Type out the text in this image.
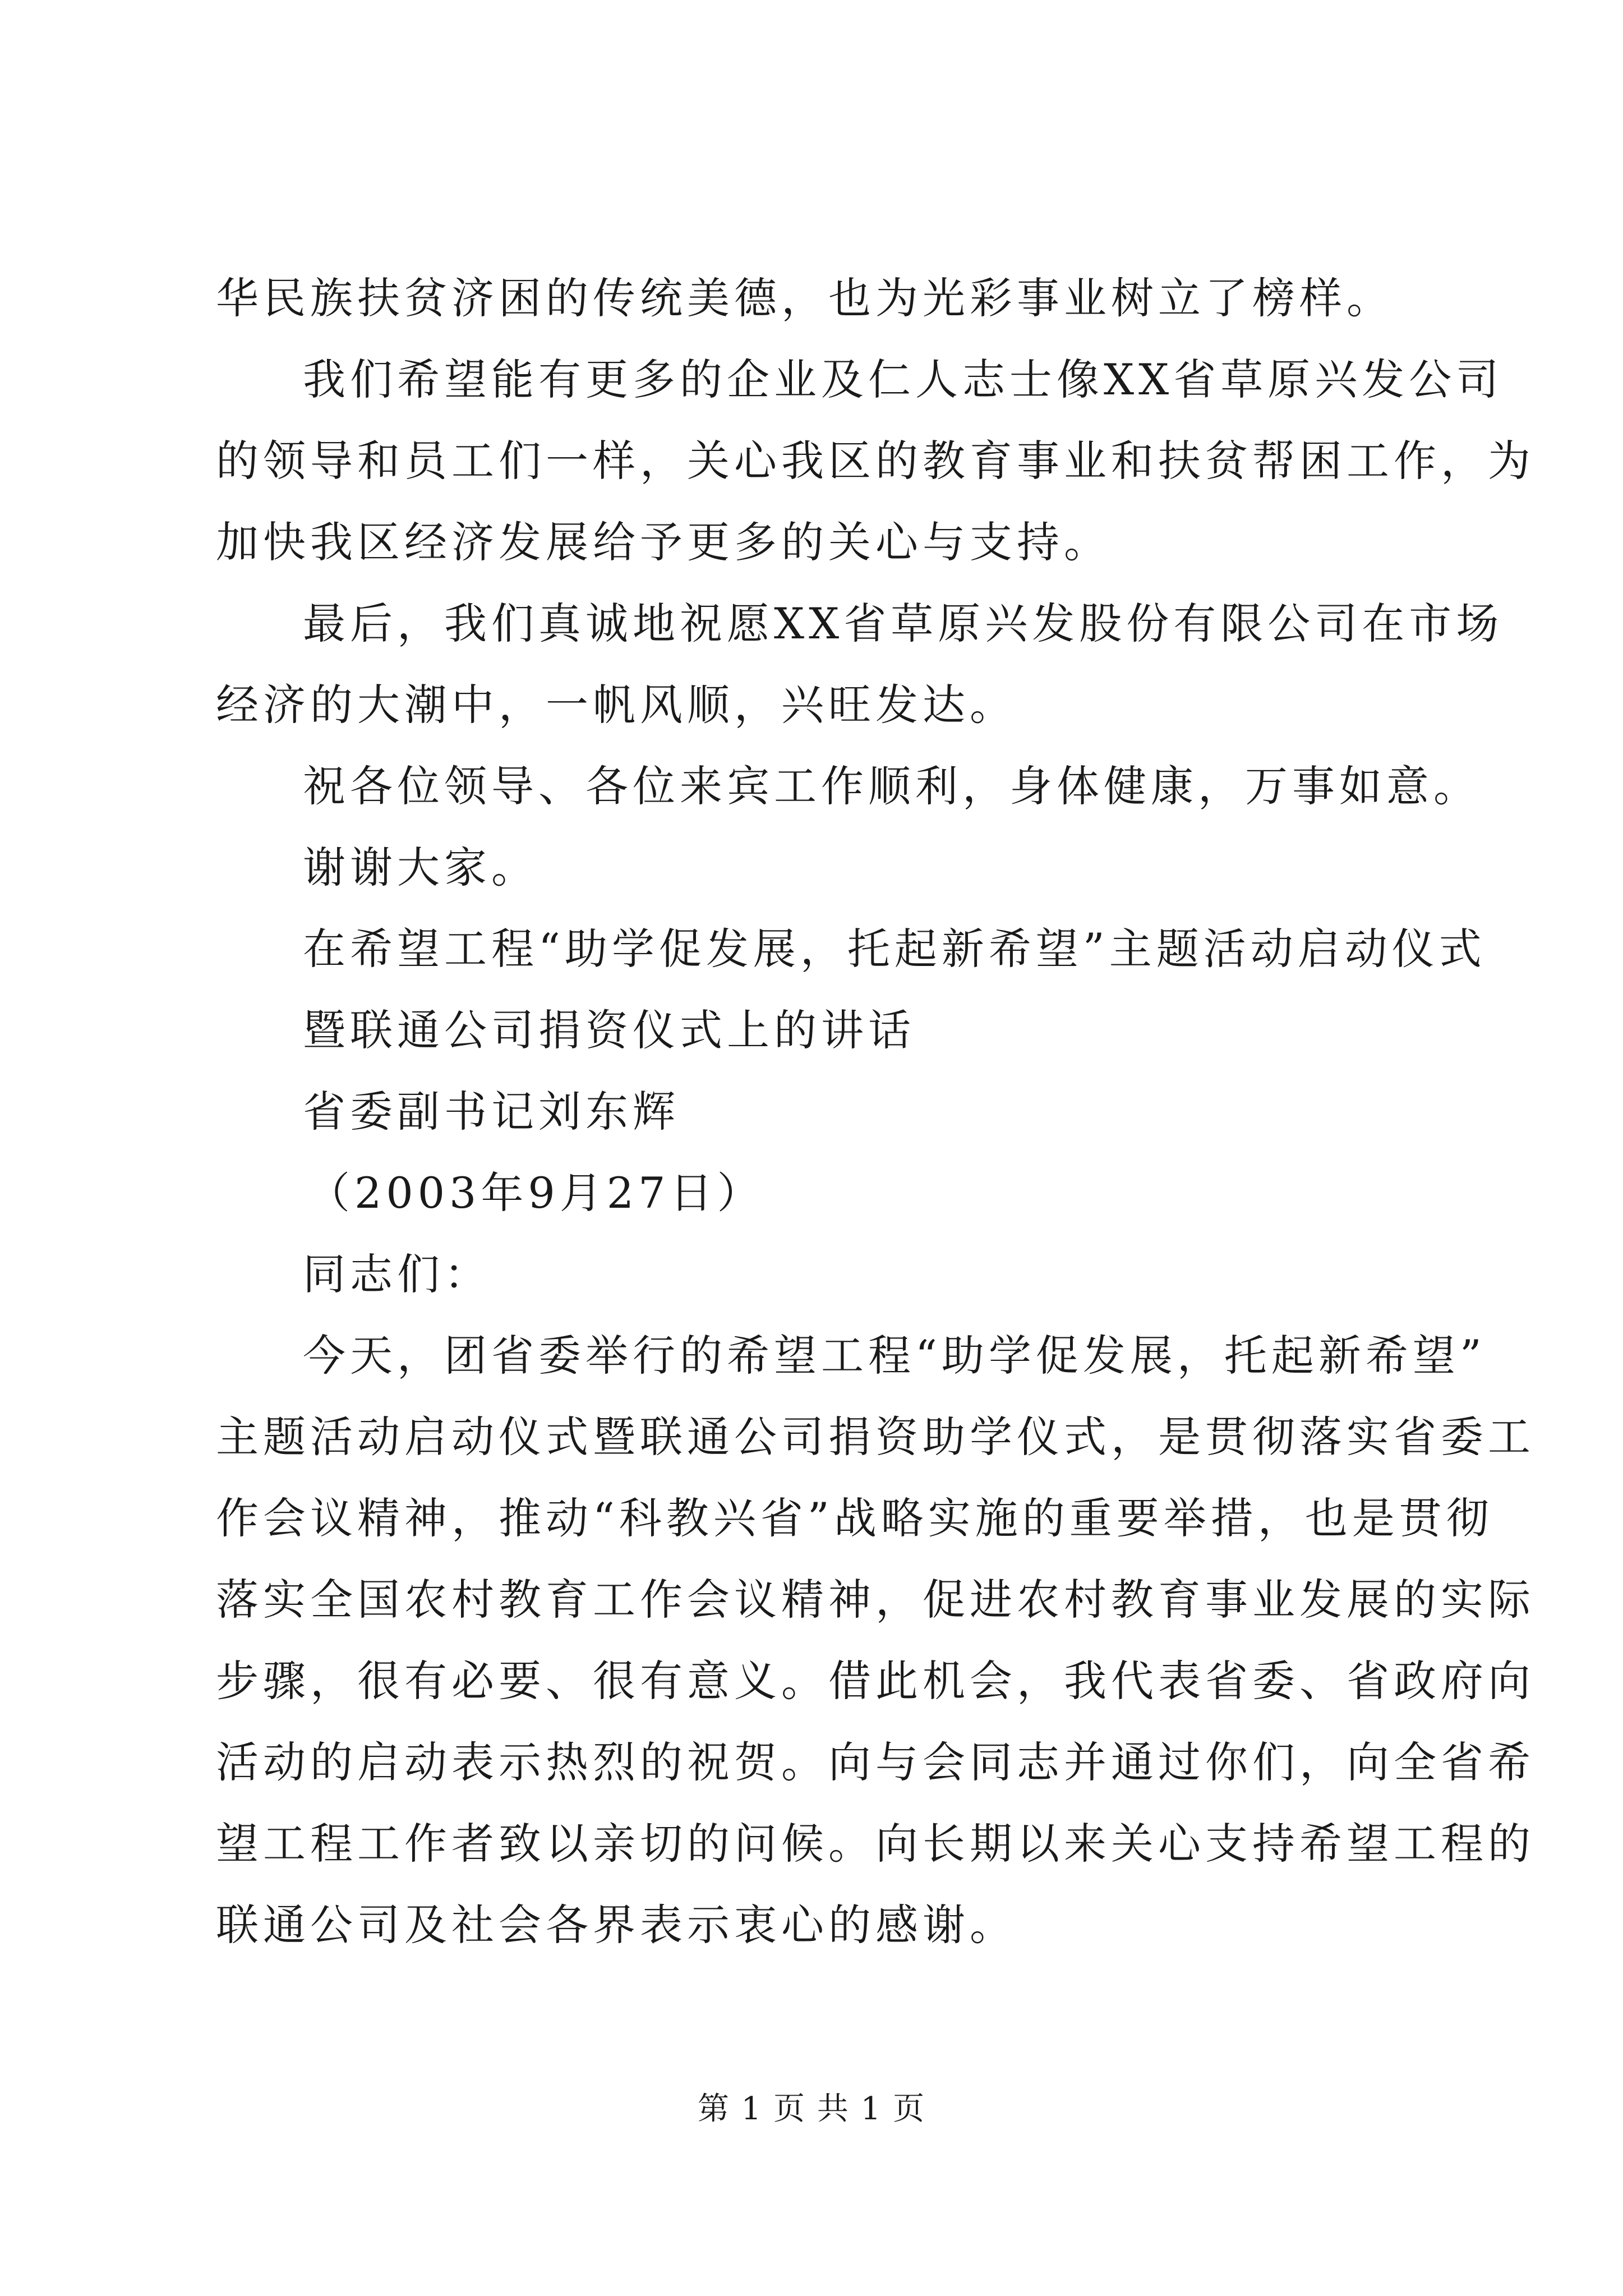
华民族扶贫济困的传统美德，也为光彩事业树立了榜样。
我们希望能有更多的企业及仁人志士像XX省草原兴发公司
的领导和员工们一样，关心我区的教育事业和扶贫帮困工作，为
加快我区经济发展给予更多的关心与支持。
最后，我们真诚地祝愿XX省草原兴发股份有限公司在市场
经济的大潮中，一帆风顺，兴旺发达。
祝各位领导、各位来宾工作顺利，身体健康，万事如意。
谢谢大家。
在希望工程“助学促发展，托起新希望”主题活动启动仪式
暨联通公司捐资仪式上的讲话
省委副书记刘东辉
（2003年9月27日）
同志们：
今天，团省委举行的希望工程“助学促发展，托起新希望”
主题活动启动仪式暨联通公司捐资助学仪式，是贯彻落实省委工
作会议精神，推动“科教兴省”战略实施的重要举措，也是贯彻
落实全国农村教育工作会议精神，促进农村教育事业发展的实际
步骤，很有必要、很有意义。借此机会，我代表省委、省政府向
活动的启动表示热烈的祝贺。向与会同志并通过你们，向全省希
望工程工作者致以亲切的问候。向长期以来关心支持希望工程的
联通公司及社会各界表示衷心的感谢。
第 1 页 共 1 页
